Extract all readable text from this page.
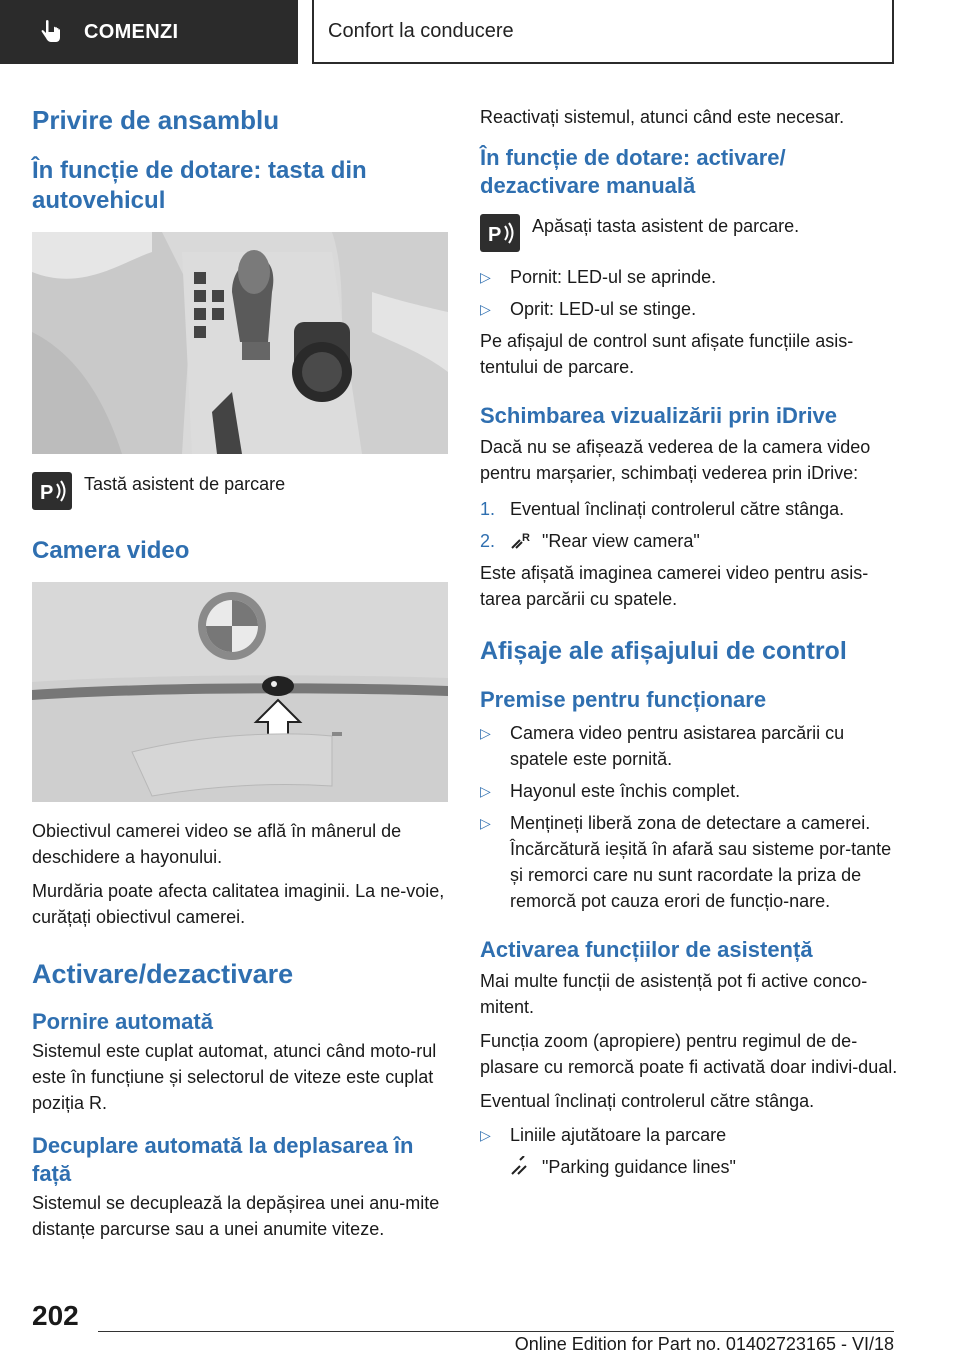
COMENZI	Confort la conducere
Privire de ansamblu
În funcție de dotare: tasta din autovehicul
P Tastă asistent de parcare
Camera video

Obiectivul camerei video se află în mânerul de deschidere a hayonului.

Murdăria poate afecta calitatea imaginii. La ne‐voie, curățați obiectivul camerei.

Activare/dezactivare
Pornire automată

Sistemul este cuplat automat, atunci când moto‐rul este în funcțiune și selectorul de viteze este cuplat poziția R.

Decuplare automată la deplasarea în față

Sistemul se decuplează la depășirea unei anu‐mite distanțe parcurse sau a unei anumite viteze.

Reactivați sistemul, atunci când este necesar.

În funcție de dotare: activare/ dezactivare manuală
P Apăsați tasta asistent de parcare.
▷ Pornit: LED-ul se aprinde.
▷ Oprit: LED-ul se stinge.

Pe afișajul de control sunt afișate funcțiile asis‐tentului de parcare.

Schimbarea vizualizării prin iDrive

Dacă nu se afișează vederea de la camera video pentru marșarier, schimbați vederea prin iDrive:

1. Eventual înclinați controlerul către stânga.
2. R "Rear view camera"

Este afișată imaginea camerei video pentru asis‐tarea parcării cu spatele.

Afișaje ale afișajului de control
Premise pentru funcționare
▷ Camera video pentru asistarea parcării cu spatele este pornită.
▷ Hayonul este închis complet.
▷ Mențineți liberă zona de detectare a camerei. Încărcătură ieșită în afară sau sisteme por‐tante și remorci care nu sunt racordate la priza de remorcă pot cauza erori de funcțio‐nare.
Activarea funcțiilor de asistență

Mai multe funcții de asistență pot fi active conco‐mitent.

Funcția zoom (apropiere) pentru regimul de de‐plasare cu remorcă poate fi activată doar indivi‐dual.

Eventual înclinați controlerul către stânga.

▷ Liniile ajutătoare la parcare
"Parking guidance lines"
202
Online Edition for Part no. 01402723165 - VI/18
